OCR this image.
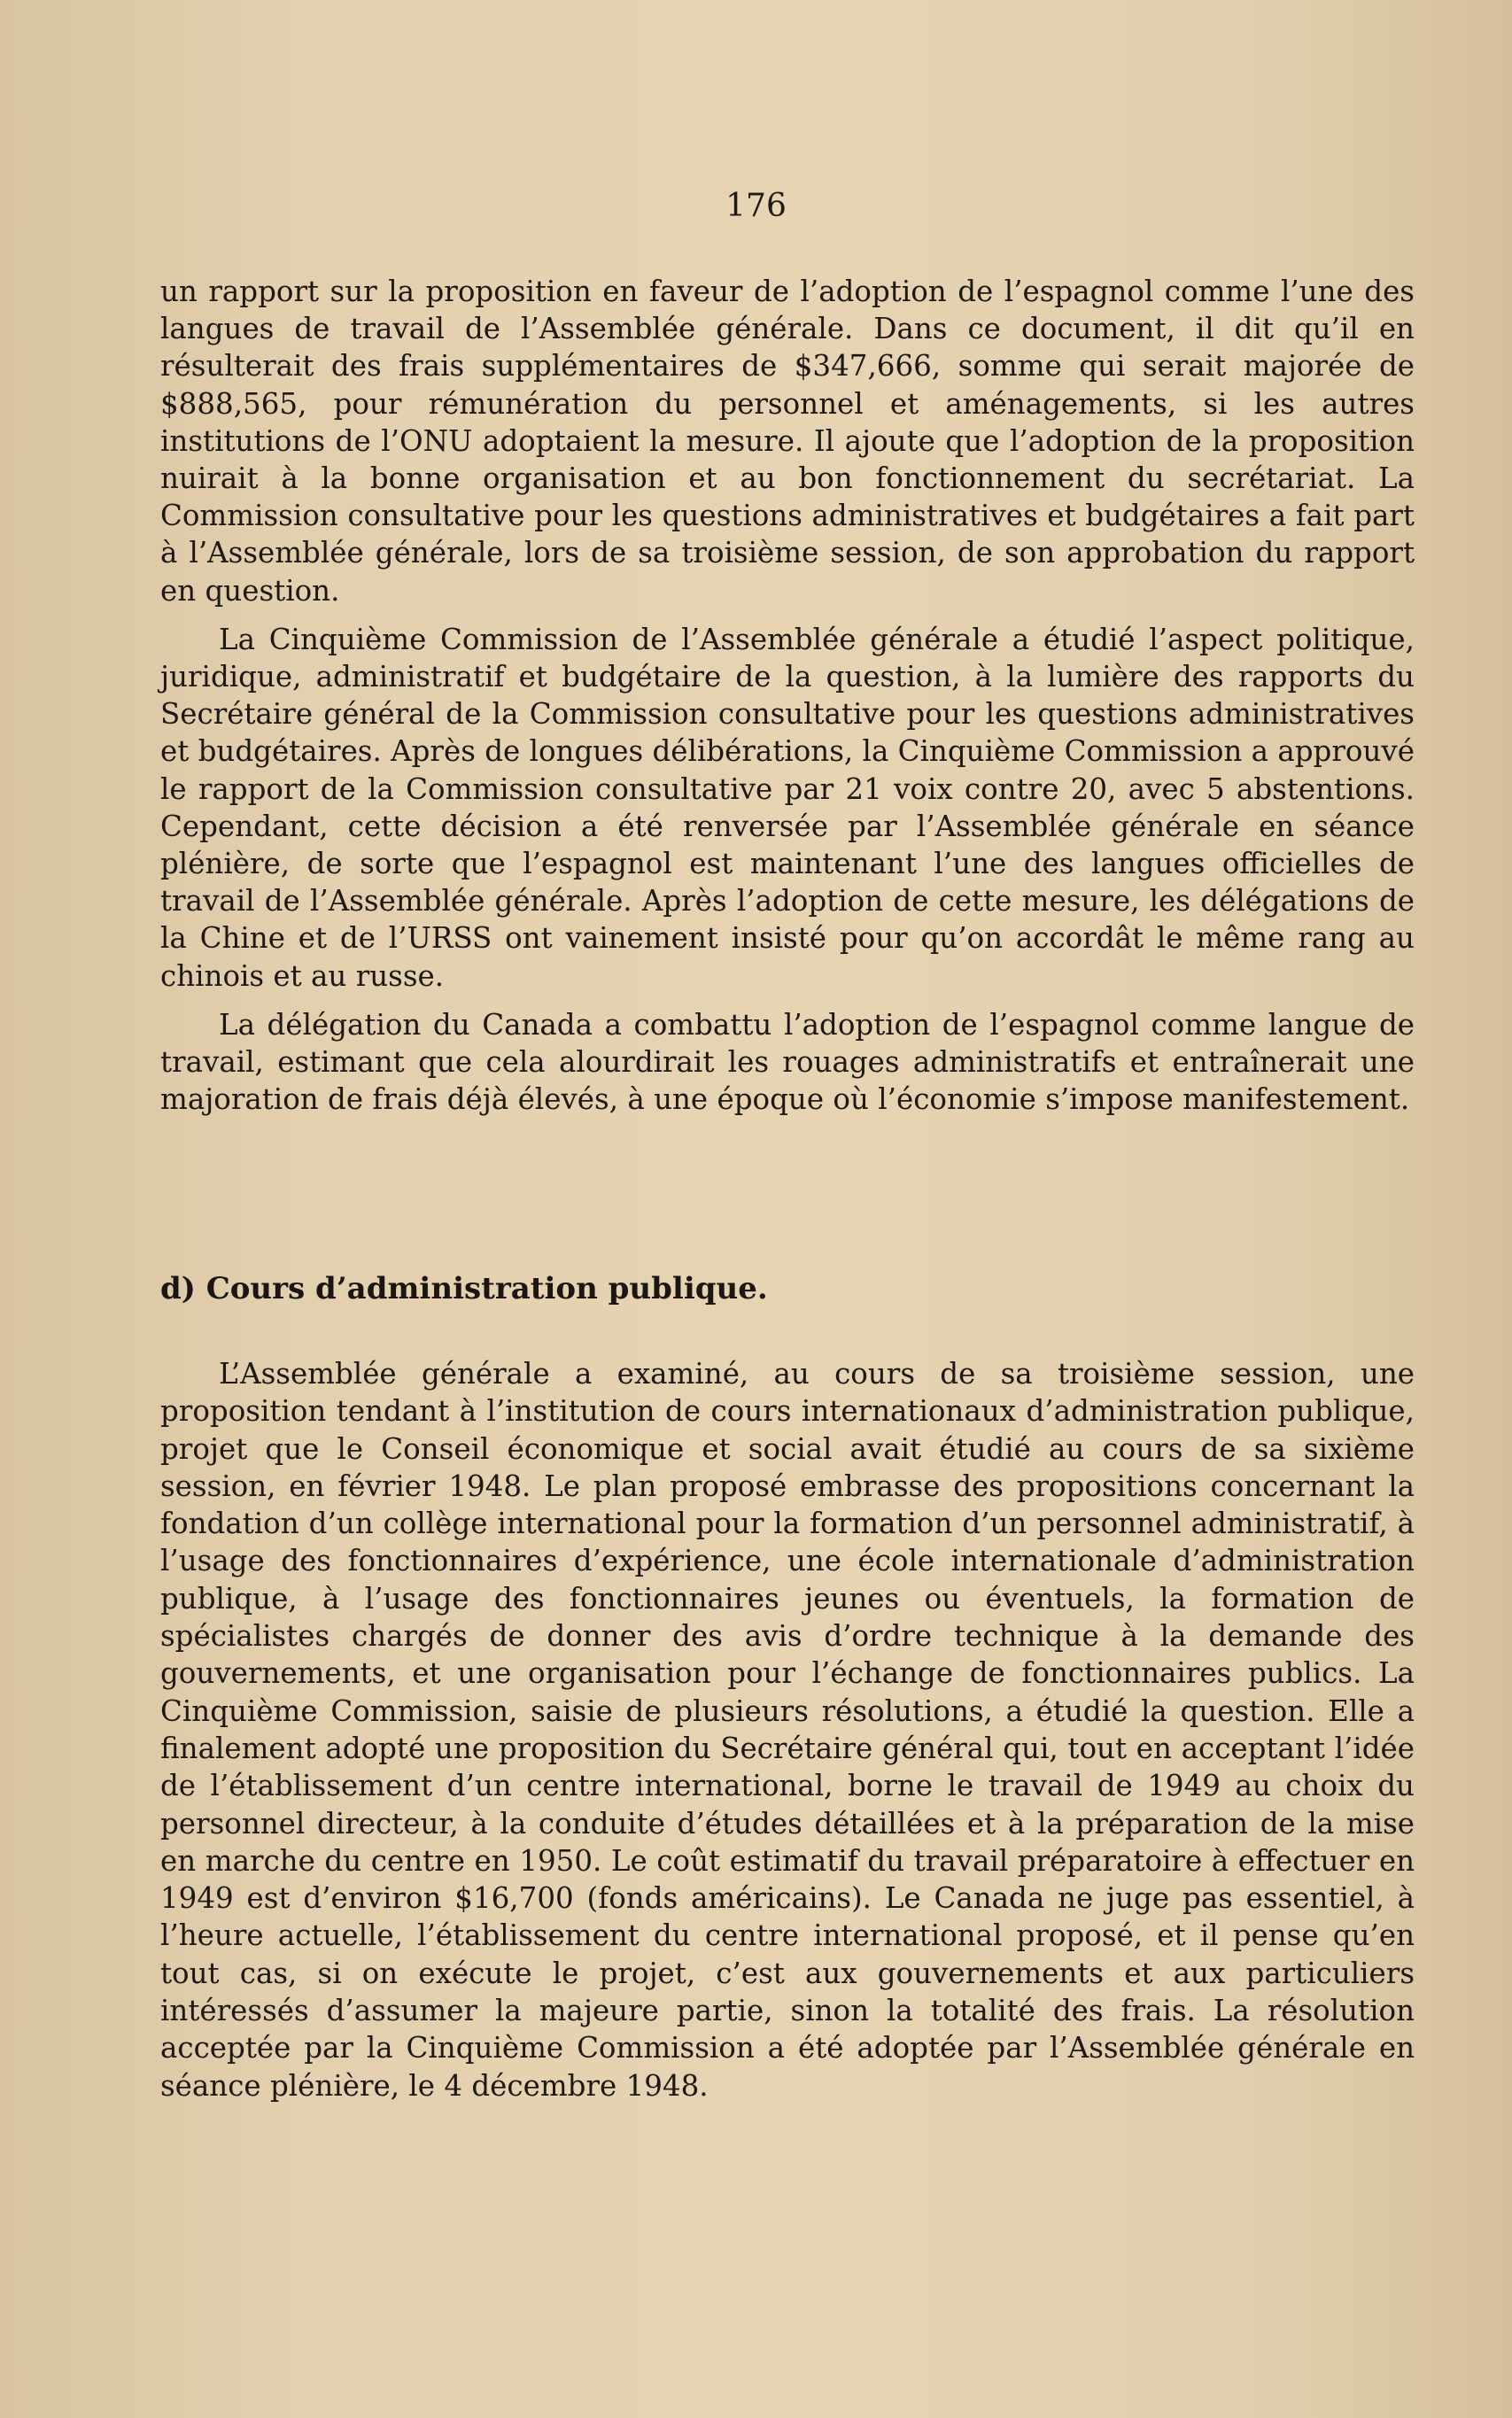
176

un rapport sur la proposition en faveur de l’adoption de l’espagnol comme l’une des langues de travail de l’Assemblée générale. Dans ce document, il dit qu’il en résulterait des frais supplémentaires de $347,666, somme qui serait majorée de $888,565, pour rémunération du personnel et aménagements, si les autres institutions de l’ONU adoptaient la mesure. Il ajoute que l’adoption de la proposition nuirait à la bonne organisation et au bon fonctionnement du secrétariat. La Commission consultative pour les questions administratives et budgétaires a fait part à l’Assemblée générale, lors de sa troisième session, de son approbation du rapport en question.

La Cinquième Commission de l’Assemblée générale a étudié l’aspect politique, juridique, administratif et budgétaire de la question, à la lumière des rapports du Secrétaire général de la Commission consultative pour les questions administratives et budgétaires. Après de longues délibérations, la Cinquième Commission a approuvé le rapport de la Commission consultative par 21 voix contre 20, avec 5 abstentions. Cependant, cette décision a été renversée par l’Assemblée générale en séance plénière, de sorte que l’espagnol est maintenant l’une des langues officielles de travail de l’Assemblée générale. Après l’adoption de cette mesure, les délégations de la Chine et de l’URSS ont vainement insisté pour qu’on accordât le même rang au chinois et au russe.

La délégation du Canada a combattu l’adoption de l’espagnol comme langue de travail, estimant que cela alourdirait les rouages administratifs et entraînerait une majoration de frais déjà élevés, à une époque où l’économie s’impose manifestement.

d) Cours d’administration publique.

L’Assemblée générale a examiné, au cours de sa troisième session, une proposition tendant à l’institution de cours internationaux d’administration publique, projet que le Conseil économique et social avait étudié au cours de sa sixième session, en février 1948. Le plan proposé embrasse des propositions concernant la fondation d’un collège international pour la formation d’un personnel administratif, à l’usage des fonctionnaires d’expérience, une école internationale d’administration publique, à l’usage des fonctionnaires jeunes ou éventuels, la formation de spécialistes chargés de donner des avis d’ordre technique à la demande des gouvernements, et une organisation pour l’échange de fonctionnaires publics. La Cinquième Commission, saisie de plusieurs résolutions, a étudié la question. Elle a finalement adopté une proposition du Secrétaire général qui, tout en acceptant l’idée de l’établissement d’un centre international, borne le travail de 1949 au choix du personnel directeur, à la conduite d’études détaillées et à la préparation de la mise en marche du centre en 1950. Le coût estimatif du travail préparatoire à effectuer en 1949 est d’environ $16,700 (fonds américains). Le Canada ne juge pas essentiel, à l’heure actuelle, l’établissement du centre international proposé, et il pense qu’en tout cas, si on exécute le projet, c’est aux gouvernements et aux particuliers intéressés d’assumer la majeure partie, sinon la totalité des frais. La résolution acceptée par la Cinquième Commission a été adoptée par l’Assemblée générale en séance plénière, le 4 décembre 1948.
